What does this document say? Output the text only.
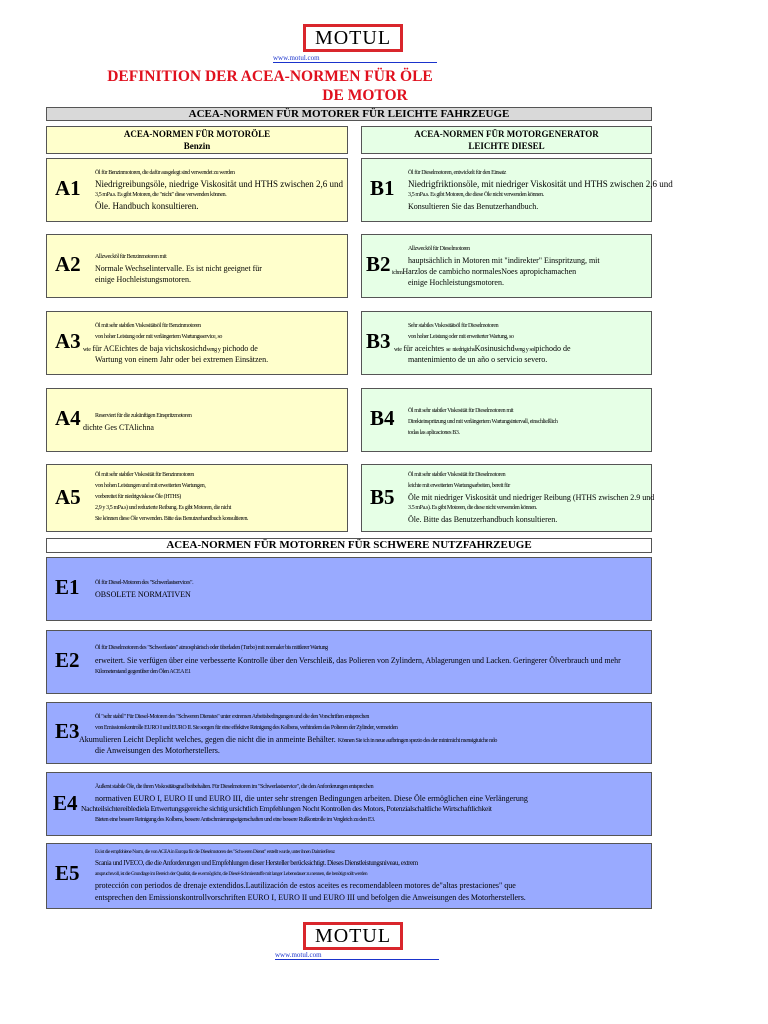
MOTUL
www.motul.com
DEFINITION DER ACEA-NORMEN FÜR ÖLE
DE MOTOR
ACEA-NORMEN FÜR MOTORER FÜR LEICHTE FAHRZEUGE
ACEA-NORMEN FÜR MOTORÖLE
Benzin
ACEA-NORMEN FÜR MOTORGENERATOR
LEICHTE DIESEL
A1
Öl für Benzinmotoren, die dafür ausgelegt sind verwendet zu werden
Niedrigreibungsöle, niedrige Viskosität und HTHS zwischen 2,6 und
3,5 mPa.s. Es gibt Motoren, die "nicht" diese verwenden können.
Öle. Handbuch konsultieren.
B1
Öl für Dieselmotoren, entwickelt für den Einsatz
Niedrigfriktionsöle, mit niedriger Viskosität und HTHS zwischen 2,6 und
3,5 mPa.s. Es gibt Motoren, die diese Öle nicht verwenden können.
Konsultieren Sie das Benutzerhandbuch.
A2 Allzwecköl für Benzinmotoren mit
Normale Wechselintervalle. Es ist nicht geeignet für
einige Hochleistungsmotoren.
B2
Allzwecköl für Dieselmotoren
hauptsächlich in Motoren mit "indirekter" Einspritzung, mit
ichmHarzlos de cambicho normalesNoes apropichamachen
einige Hochleistungsmotoren.
A3
Öl mit sehr stabilen Viskositätsöl für Benzinmotoren
von hoher Leistung oder mit verlängertem Wartungsservice, so
wie für ACEichtes de baja vichskosichdveng y pichodo de
Wartung von einem Jahr oder bei extremen Einsätzen.
B3
Sehr stabiles Viskositätsöl für Dieselmotoren
von hoher Leistung oder mit erweiterter Wartung, so
wie für aceichtes se niedrigichsKosinusichdveng y solpichodo de
mantenimiento de un año o servicio severo.
A4 Reserviert für die zukünftigen Einspritzmotoren
dichte Ges CTAlichna	B4 Öl mit sehr stabiler Viskosität für Dieselmotoren mit
Direkteinspritzung und mit verlängertem Wartungsintervall, einschließlich
todas las aplicaciones B3.
A5
Öl mit sehr stabiler Viskosität für Benzinmotoren
von hohen Leistungen und mit erweiterten Wartungen,
vorbereitet für niedrigviskose Öle (HTHS)
2,9 y 3,5 mPa.s) und reduzierte Reibung. Es gibt Motoren, die nicht
Sie können diese Öle verwenden. Bitte das Benutzerhandbuch konsultieren.
B5
Öl mit sehr stabiler Viskosität für Dieselmotoren
leichte mit erweiterten Wartungsarbeiten, bereit für
Öle mit niedriger Viskosität und niedriger Reibung (HTHS zwischen 2.9 und
3.5 mPa.s). Es gibt Motoren, die diese nicht verwenden können.
Öle. Bitte das Benutzerhandbuch konsultieren.
ACEA-NORMEN FÜR MOTORREN FÜR SCHWERE NUTZFAHRZEUGE
E1	Öl für Diesel-Motoren des "Schwerlastservices".
OBSOLETE NORMATIVEN
E2	Öl für Dieselmotoren des "Schwerlastes" atmosphärisch oder überladen (Turbo) mit normaler bis mittlerer Wartung
erweitert. Sie verfügen über eine verbesserte Kontrolle über den Verschleiß, das Polieren von Zylindern, Ablagerungen und Lacken. Geringerer Ölverbrauch und mehr
Kilometerstand gegenüber den Ölen ACEA E1
E3
Öl "sehr stabil" Für Diesel-Motoren des "Schweren Dienstes" unter extremen Arbeitsbedingungen und die den Vorschriften entsprechen
von Emissionskontrolle EURO I und EURO II. Sie sorgen für eine effektive Reinigung des Kolbens, verhindern das Polieren der Zylinder, vermeiden
Akumulieren Leicht Deplicht welches, gegen die nicht die in anmeinte Behälter. Können Sie ich in neue aufbringen spezio des der minimicht mensigiuiche ndo
die Anweisungen des Motorherstellers.
E4
Äußerst stabile Öle, die ihren Viskositätsgrad beibehalten. Für Dieselmotoren im "Schwerlastservice", die den Anforderungen entsprechen
normativen EURO I, EURO II und EURO III, die unter sehr strengen Bedingungen arbeiten. Diese Öle ermöglichen eine Verlängerung
Nachteilsichtereiblediela Ertwertungsgereiche sichtig ursichtlich Empfehlungen Nocht Kontrollen des Motors, Potenzialschaltliche Wirtschaftlichkeit
Bieten eine bessere Reinigung des Kolbens, bessere Antischmierungseigenschaften und eine bessere Rußkontrolle im Vergleich zu den E3.
E5
Es ist die empfohlene Norm, die von ACEA in Europa für die Dieselmotoren des "Schweren Dienst" erstellt wurde, unter ihnen DaimlerBenz
Scania und IVECO, die die Anforderungen und Empfehlungen dieser Hersteller berücksichtigt. Dieses Dienstleistungsniveau, extrem
anspruchsvoll, ist die Grundlage im Bereich der Qualität, die es ermöglicht, die Diesel-Schmierstoffe mit langer Lebensdauer zu nennen, die benötigt sollt werden
protección con periodos de drenaje extendidos.Lautilización de estos aceites es recomendableen motores de"altas prestaciones" que
entsprechen den Emissionskontrollvorschriften EURO I, EURO II und EURO III und befolgen die Anweisungen des Motorherstellers.
MOTUL
www.motul.com
